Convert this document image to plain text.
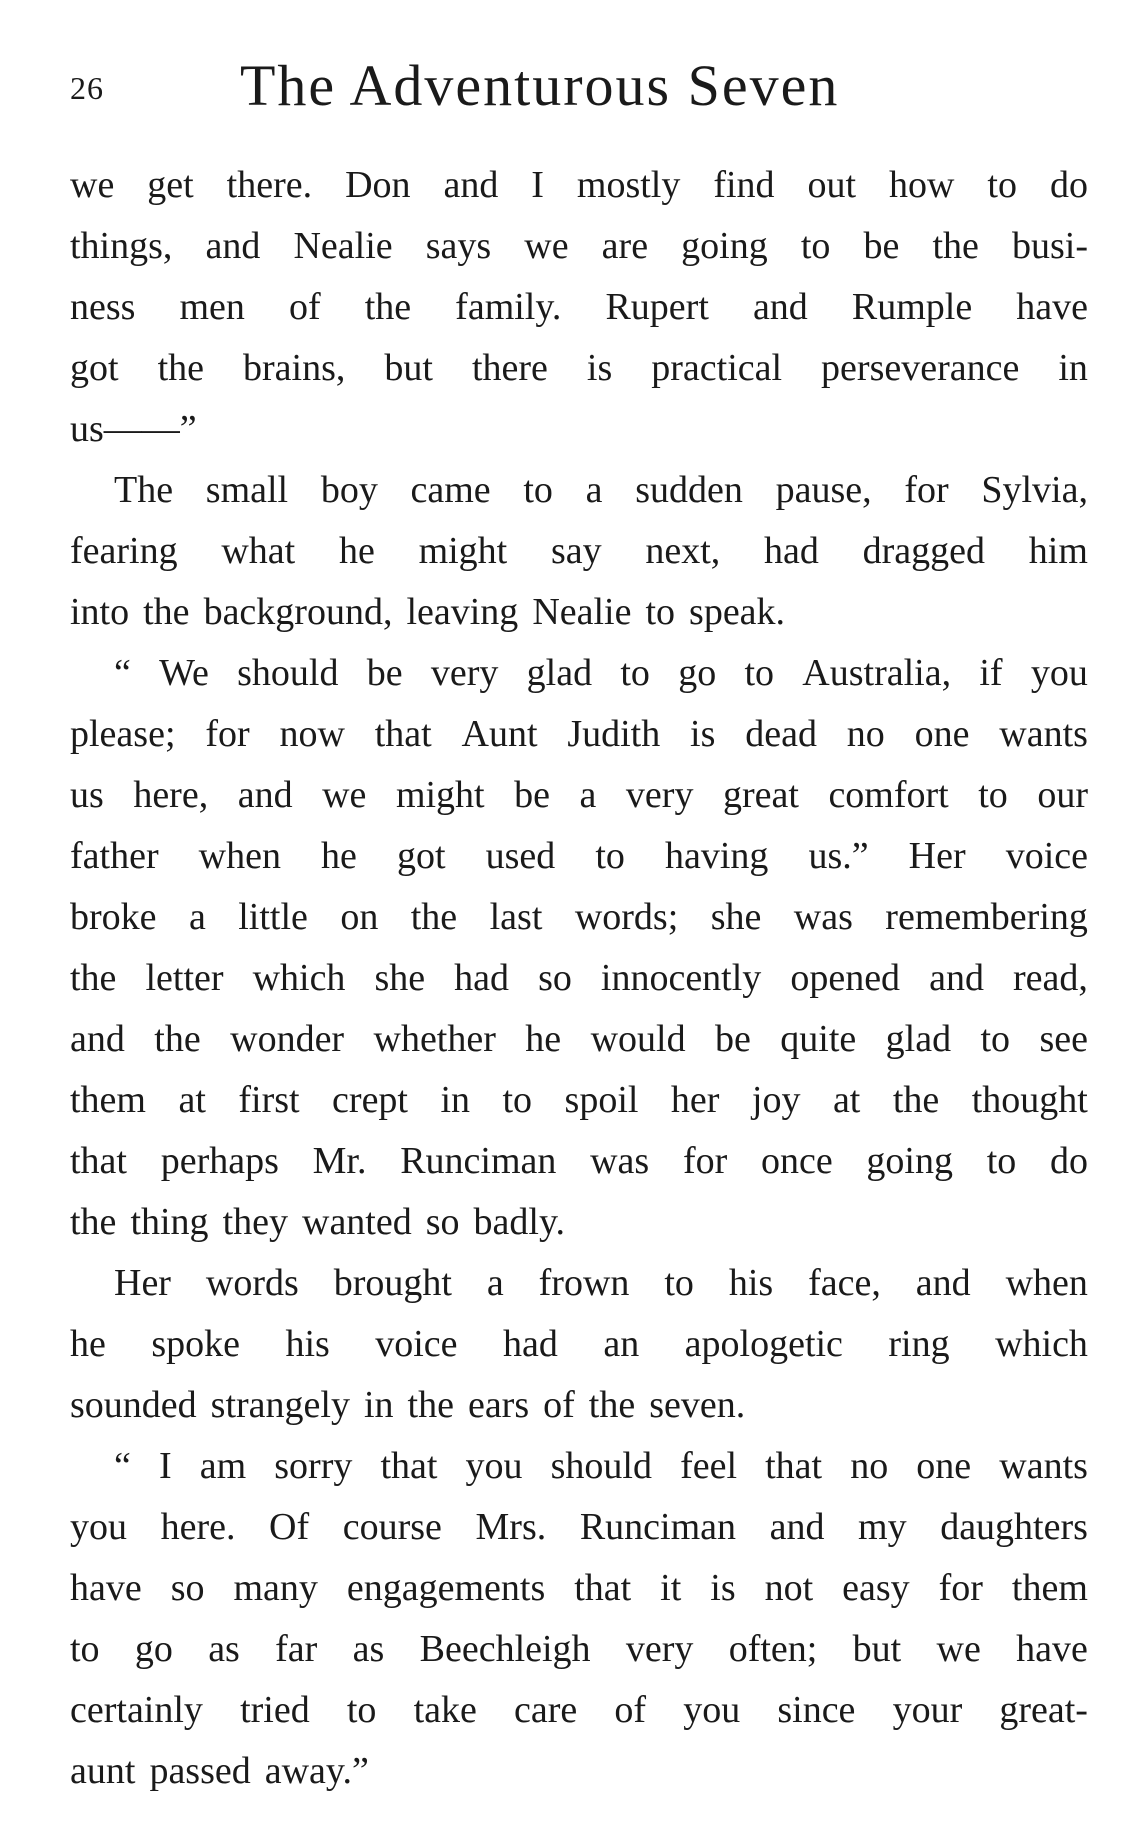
26 The Adventurous Seven
we get there. Don and I mostly find out how to do
things, and Nealie says we are going to be the busi-
ness men of the family. Rupert and Rumple have
got the brains, but there is practical perseverance in
us——”
The small boy came to a sudden pause, for Sylvia,
fearing what he might say next, had dragged him
into the background, leaving Nealie to speak.
“ We should be very glad to go to Australia, if you
please; for now that Aunt Judith is dead no one wants
us here, and we might be a very great comfort to our
father when he got used to having us.” Her voice
broke a little on the last words; she was remembering
the letter which she had so innocently opened and read,
and the wonder whether he would be quite glad to see
them at first crept in to spoil her joy at the thought
that perhaps Mr. Runciman was for once going to do
the thing they wanted so badly.
Her words brought a frown to his face, and when
he spoke his voice had an apologetic ring which
sounded strangely in the ears of the seven.
“ I am sorry that you should feel that no one wants
you here. Of course Mrs. Runciman and my daughters
have so many engagements that it is not easy for them
to go as far as Beechleigh very often; but we have
certainly tried to take care of you since your great-
aunt passed away.”
